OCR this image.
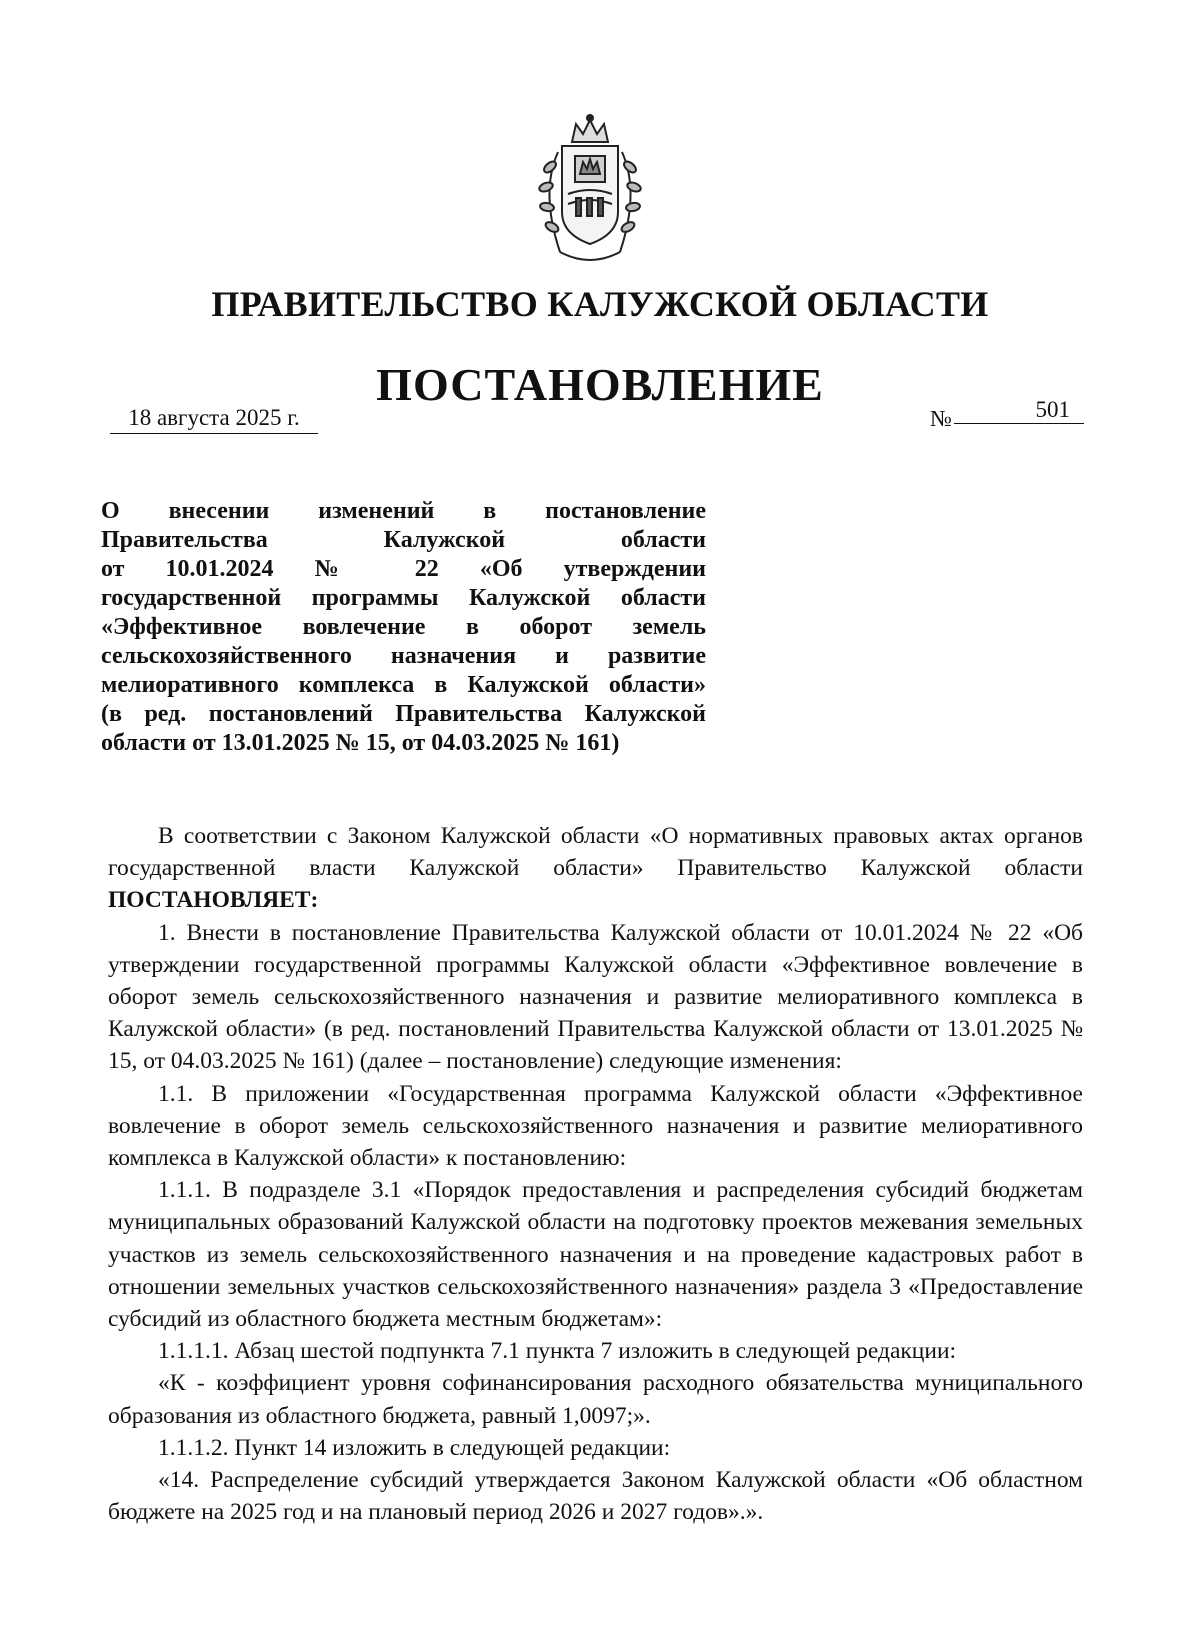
ПРАВИТЕЛЬСТВО КАЛУЖСКОЙ ОБЛАСТИ
ПОСТАНОВЛЕНИЕ
18 августа 2025 г.	№	501
О внесении изменений в постановление
Правительства Калужской области
от 10.01.2024 № 22 «Об утверждении
государственной программы Калужской области
«Эффективное вовлечение в оборот земель
сельскохозяйственного назначения и развитие
мелиоративного комплекса в Калужской области»
(в ред. постановлений Правительства Калужской
области от 13.01.2025 № 15, от 04.03.2025 № 161)

В соответствии с Законом Калужской области «О нормативных правовых актах органов государственной власти Калужской области» Правительство Калужской области ПОСТАНОВЛЯЕТ:

1. Внести в постановление Правительства Калужской области от 10.01.2024 № 22 «Об утверждении государственной программы Калужской области «Эффективное вовлечение в оборот земель сельскохозяйственного назначения и развитие мелиоративного комплекса в Калужской области» (в ред. постановлений Правительства Калужской области от 13.01.2025 № 15, от 04.03.2025 № 161) (далее – постановление) следующие изменения:

1.1. В приложении «Государственная программа Калужской области «Эффективное вовлечение в оборот земель сельскохозяйственного назначения и развитие мелиоративного комплекса в Калужской области» к постановлению:

1.1.1. В подразделе 3.1 «Порядок предоставления и распределения субсидий бюджетам муниципальных образований Калужской области на подготовку проектов межевания земельных участков из земель сельскохозяйственного назначения и на проведение кадастровых работ в отношении земельных участков сельскохозяйственного назначения» раздела 3 «Предоставление субсидий из областного бюджета местным бюджетам»:

1.1.1.1. Абзац шестой подпункта 7.1 пункта 7 изложить в следующей редакции:

«К - коэффициент уровня софинансирования расходного обязательства муниципального образования из областного бюджета, равный 1,0097;».

1.1.1.2. Пункт 14 изложить в следующей редакции:

«14. Распределение субсидий утверждается Законом Калужской области «Об областном бюджете на 2025 год и на плановый период 2026 и 2027 годов».».
